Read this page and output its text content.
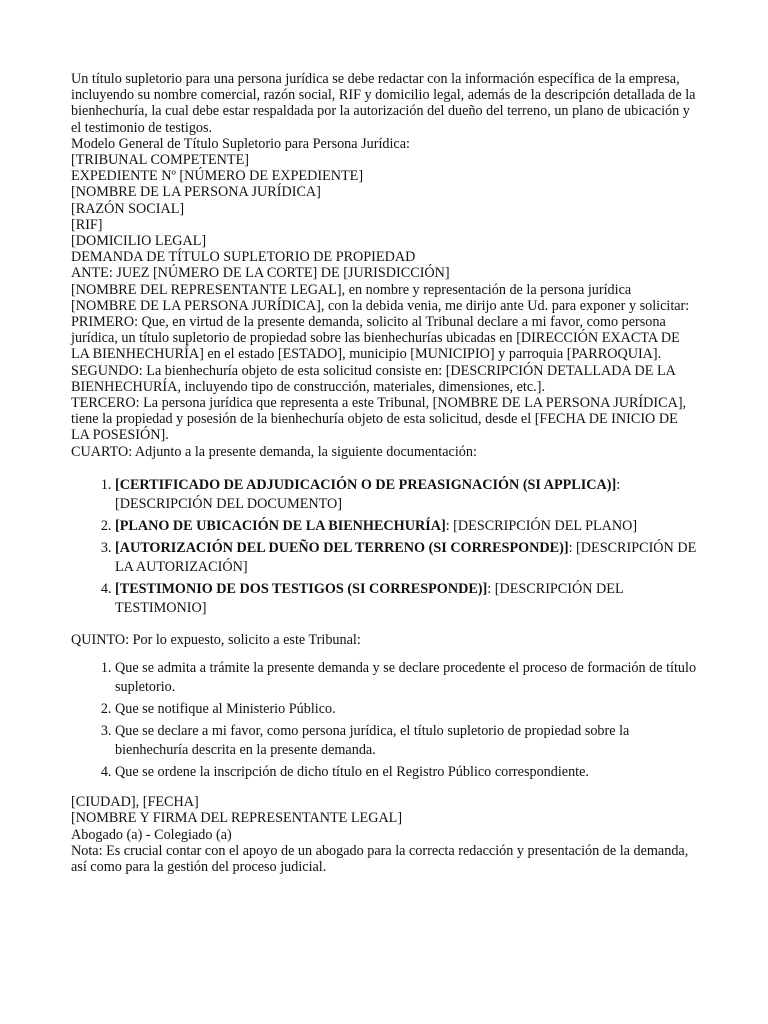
Un título supletorio para una persona jurídica se debe redactar con la información específica de la empresa, incluyendo su nombre comercial, razón social, RIF y domicilio legal, además de la descripción detallada de la bienhechuría, la cual debe estar respaldada por la autorización del dueño del terreno, un plano de ubicación y el testimonio de testigos.

Modelo General de Título Supletorio para Persona Jurídica:

[TRIBUNAL COMPETENTE]

EXPEDIENTE Nº [NÚMERO DE EXPEDIENTE]

[NOMBRE DE LA PERSONA JURÍDICA]

[RAZÓN SOCIAL]

[RIF]

[DOMICILIO LEGAL]

DEMANDA DE TÍTULO SUPLETORIO DE PROPIEDAD

ANTE: JUEZ [NÚMERO DE LA CORTE] DE [JURISDICCIÓN]

[NOMBRE DEL REPRESENTANTE LEGAL], en nombre y representación de la persona jurídica [NOMBRE DE LA PERSONA JURÍDICA], con la debida venia, me dirijo ante Ud. para exponer y solicitar:

PRIMERO: Que, en virtud de la presente demanda, solicito al Tribunal declare a mi favor, como persona jurídica, un título supletorio de propiedad sobre las bienhechurías ubicadas en [DIRECCIÓN EXACTA DE LA BIENHECHURÍA] en el estado [ESTADO], municipio [MUNICIPIO] y parroquia [PARROQUIA].

SEGUNDO: La bienhechuría objeto de esta solicitud consiste en: [DESCRIPCIÓN DETALLADA DE LA BIENHECHURÍA, incluyendo tipo de construcción, materiales, dimensiones, etc.].

TERCERO: La persona jurídica que representa a este Tribunal, [NOMBRE DE LA PERSONA JURÍDICA], tiene la propiedad y posesión de la bienhechuría objeto de esta solicitud, desde el [FECHA DE INICIO DE LA POSESIÓN].

CUARTO: Adjunto a la presente demanda, la siguiente documentación:

1. [CERTIFICADO DE ADJUDICACIÓN O DE PREASIGNACIÓN (SI APPLICA)]: [DESCRIPCIÓN DEL DOCUMENTO]
2. [PLANO DE UBICACIÓN DE LA BIENHECHURÍA]: [DESCRIPCIÓN DEL PLANO]
3. [AUTORIZACIÓN DEL DUEÑO DEL TERRENO (SI CORRESPONDE)]: [DESCRIPCIÓN DE LA AUTORIZACIÓN]
4. [TESTIMONIO DE DOS TESTIGOS (SI CORRESPONDE)]: [DESCRIPCIÓN DEL TESTIMONIO]

QUINTO: Por lo expuesto, solicito a este Tribunal:

1. Que se admita a trámite la presente demanda y se declare procedente el proceso de formación de título supletorio.
2. Que se notifique al Ministerio Público.
3. Que se declare a mi favor, como persona jurídica, el título supletorio de propiedad sobre la bienhechuría descrita en la presente demanda.
4. Que se ordene la inscripción de dicho título en el Registro Público correspondiente.

[CIUDAD], [FECHA]

[NOMBRE Y FIRMA DEL REPRESENTANTE LEGAL]

Abogado (a) - Colegiado (a)

Nota: Es crucial contar con el apoyo de un abogado para la correcta redacción y presentación de la demanda, así como para la gestión del proceso judicial.
